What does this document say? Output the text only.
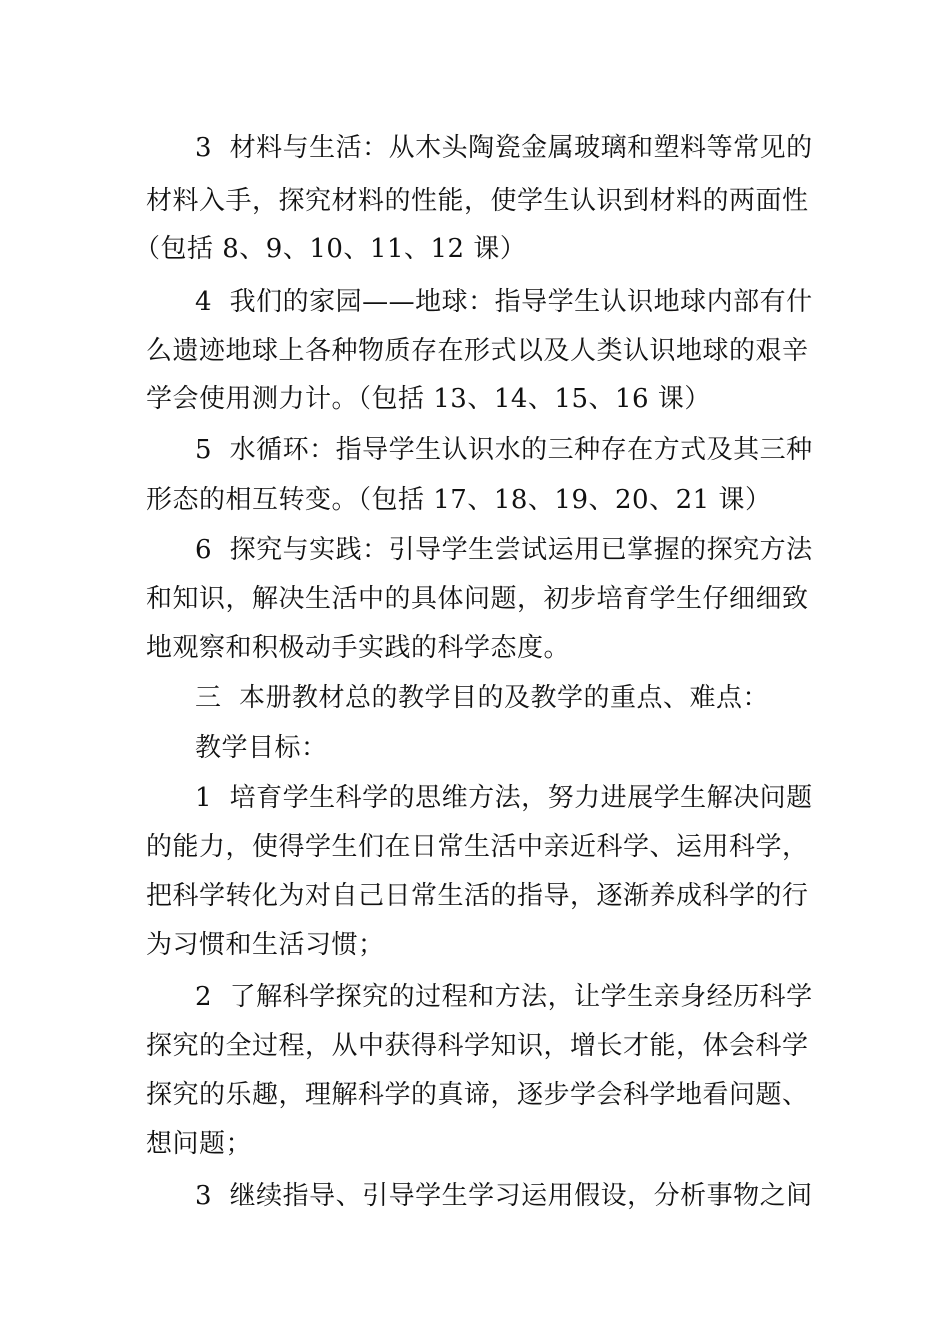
3  材料与生活：从木头陶瓷金属玻璃和塑料等常见的
材料入手，探究材料的性能，使学生认识到材料的两面性
（包括 8、9、10、11、12 课）
4  我们的家园——地球：指导学生认识地球内部有什
么遗迹地球上各种物质存在形式以及人类认识地球的艰辛
学会使用测力计。（包括 13、14、15、16 课）
5  水循环：指导学生认识水的三种存在方式及其三种
形态的相互转变。（包括 17、18、19、20、21 课）
6  探究与实践：引导学生尝试运用已掌握的探究方法
和知识，解决生活中的具体问题，初步培育学生仔细细致
地观察和积极动手实践的科学态度。
三  本册教材总的教学目的及教学的重点、难点：
教学目标：
1  培育学生科学的思维方法，努力进展学生解决问题
的能力，使得学生们在日常生活中亲近科学、运用科学，
把科学转化为对自己日常生活的指导，逐渐养成科学的行
为习惯和生活习惯；
2  了解科学探究的过程和方法，让学生亲身经历科学
探究的全过程，从中获得科学知识，增长才能，体会科学
探究的乐趣，理解科学的真谛，逐步学会科学地看问题、
想问题；
3  继续指导、引导学生学习运用假设，分析事物之间
